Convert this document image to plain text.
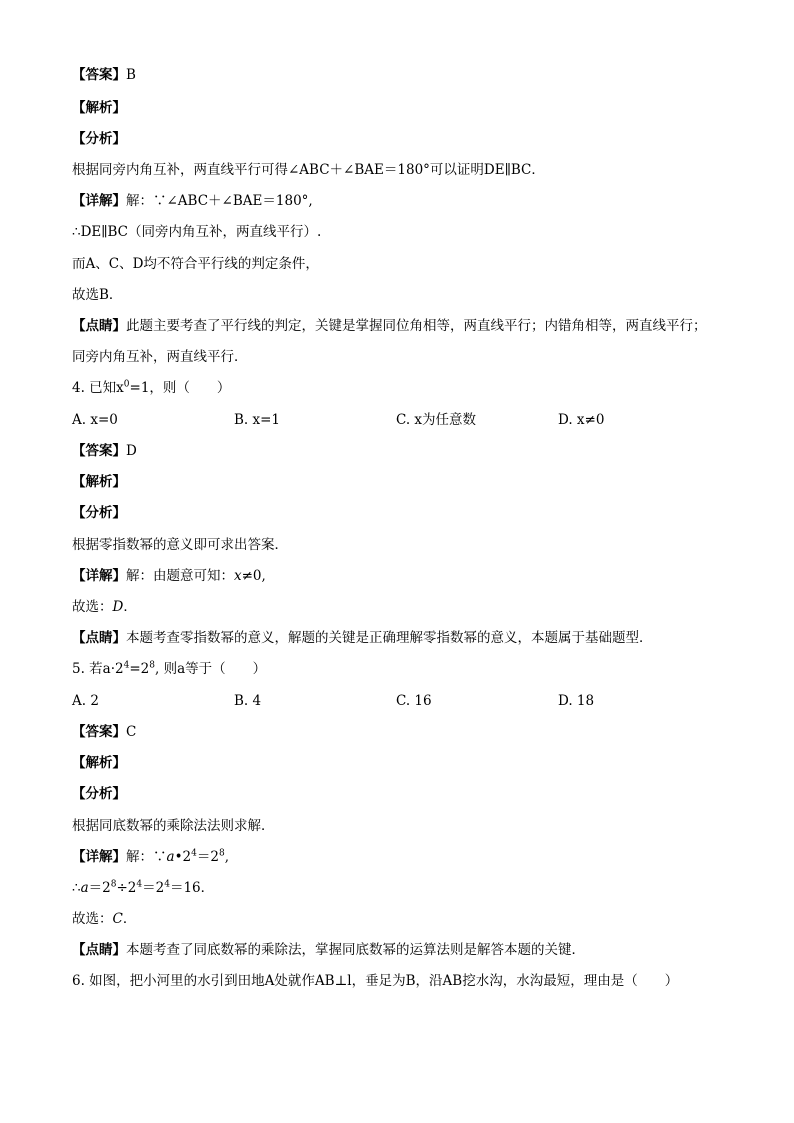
【答案】B
【解析】
【分析】
根据同旁内角互补，两直线平行可得∠ABC＋∠BAE＝180°可以证明DE∥BC．
【详解】解：∵∠ABC＋∠BAE＝180°,
∴DE∥BC（同旁内角互补，两直线平行）.
而A、C、D均不符合平行线的判定条件，
故选B．
【点睛】此题主要考查了平行线的判定，关键是掌握同位角相等，两直线平行；内错角相等，两直线平行；
同旁内角互补，两直线平行．
4. 已知$x^0=1$，则（　　）
A. x=0	B. x=1	C. x为任意数	D. x≠0
【答案】D
【解析】
【分析】
根据零指数幂的意义即可求出答案．
【详解】解：由题意可知：x≠0,
故选：D．
【点睛】本题考查零指数幂的意义，解题的关键是正确理解零指数幂的意义，本题属于基础题型．
5. 若$a\cdot 2^4=2^8$, 则a等于（　　）
A. 2	B. 4	C. 16	D. 18
【答案】C
【解析】
【分析】
根据同底数幂的乘除法法则求解．
【详解】解：$\because a•2^4=2^8$,
$\therefore a=2^8\div 2^4=2^4=16$．
故选：C．
【点睛】本题考查了同底数幂的乘除法，掌握同底数幂的运算法则是解答本题的关键．
6. 如图，把小河里的水引到田地A处就作AB⊥l，垂足为B，沿AB挖水沟，水沟最短，理由是（　　）
